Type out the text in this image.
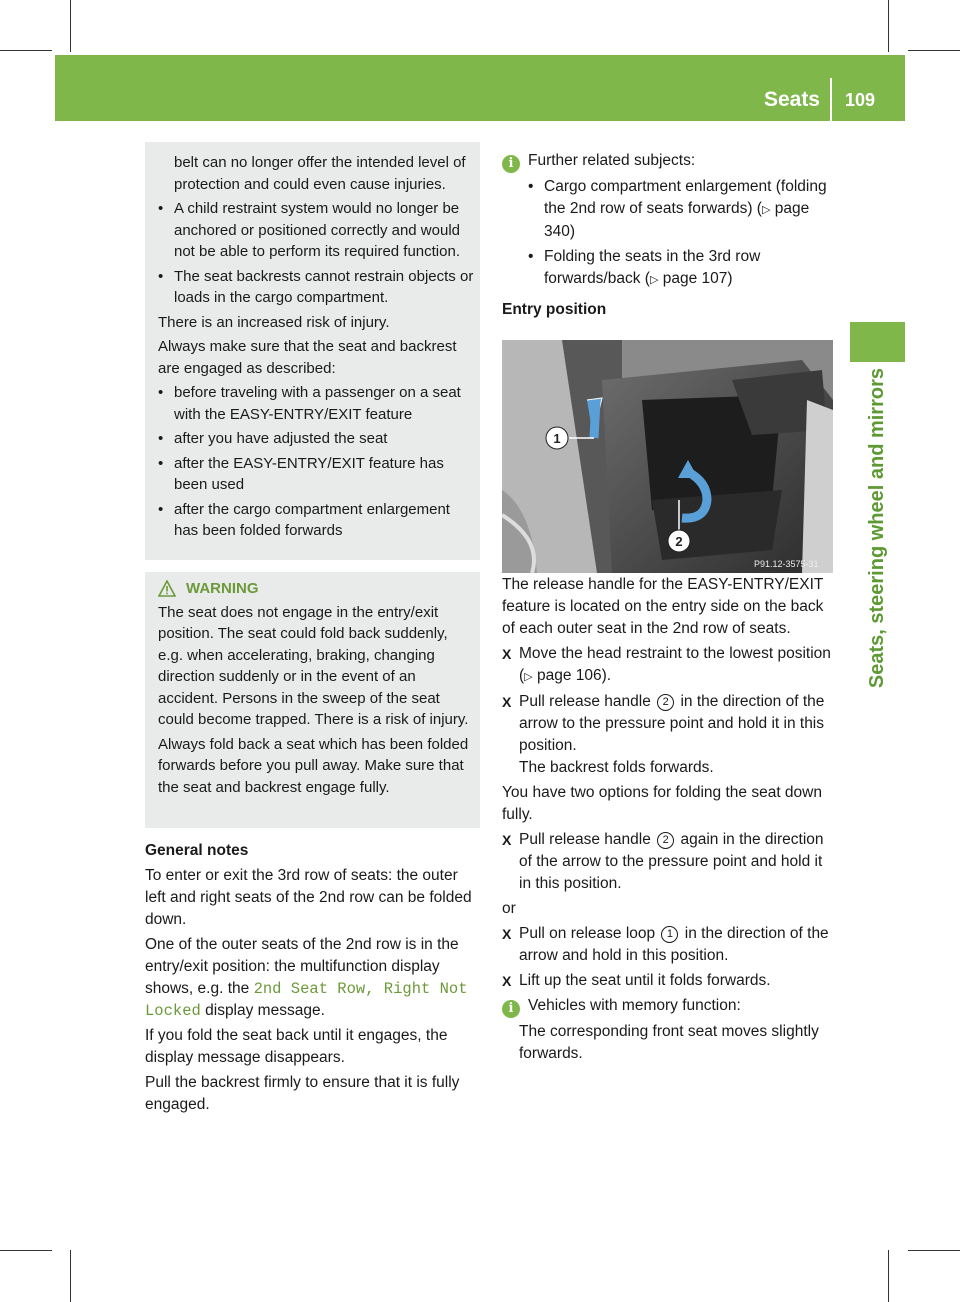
Seats 109
Seats, steering wheel and mirrors

belt can no longer offer the intended level of protection and could even cause injuries.

• A child restraint system would no longer be anchored or positioned correctly and would not be able to perform its required function.

• The seat backrests cannot restrain objects or loads in the cargo compartment.

There is an increased risk of injury.

Always make sure that the seat and backrest are engaged as described:

• before traveling with a passenger on a seat with the EASY-ENTRY/EXIT feature

• after you have adjusted the seat

• after the EASY-ENTRY/EXIT feature has been used

• after the cargo compartment enlargement has been folded forwards

WARNING

The seat does not engage in the entry/exit position. The seat could fold back suddenly, e.g. when accelerating, braking, changing direction suddenly or in the event of an accident. Persons in the sweep of the seat could become trapped. There is a risk of injury.

Always fold back a seat which has been folded forwards before you pull away. Make sure that the seat and backrest engage fully.

General notes

To enter or exit the 3rd row of seats: the outer left and right seats of the 2nd row can be folded down.

One of the outer seats of the 2nd row is in the entry/exit position: the multifunction display shows, e.g. the 2nd Seat Row, Right Not Locked display message.

If you fold the seat back until it engages, the display message disappears.

Pull the backrest firmly to ensure that it is fully engaged.

i Further related subjects:

• Cargo compartment enlargement (folding the 2nd row of seats forwards) (▷ page 340)

• Folding the seats in the 3rd row forwards/back (▷ page 107)

Entry position

1
2
P91.12-3575-31

The release handle for the EASY-ENTRY/EXIT feature is located on the entry side on the back of each outer seat in the 2nd row of seats.

X Move the head restraint to the lowest position (▷ page 106).

X Pull release handle 2 in the direction of the arrow to the pressure point and hold it in this position.
The backrest folds forwards.

You have two options for folding the seat down fully.

X Pull release handle 2 again in the direction of the arrow to the pressure point and hold it in this position.

or

X Pull on release loop 1 in the direction of the arrow and hold in this position.

X Lift up the seat until it folds forwards.

i Vehicles with memory function:

The corresponding front seat moves slightly forwards.
